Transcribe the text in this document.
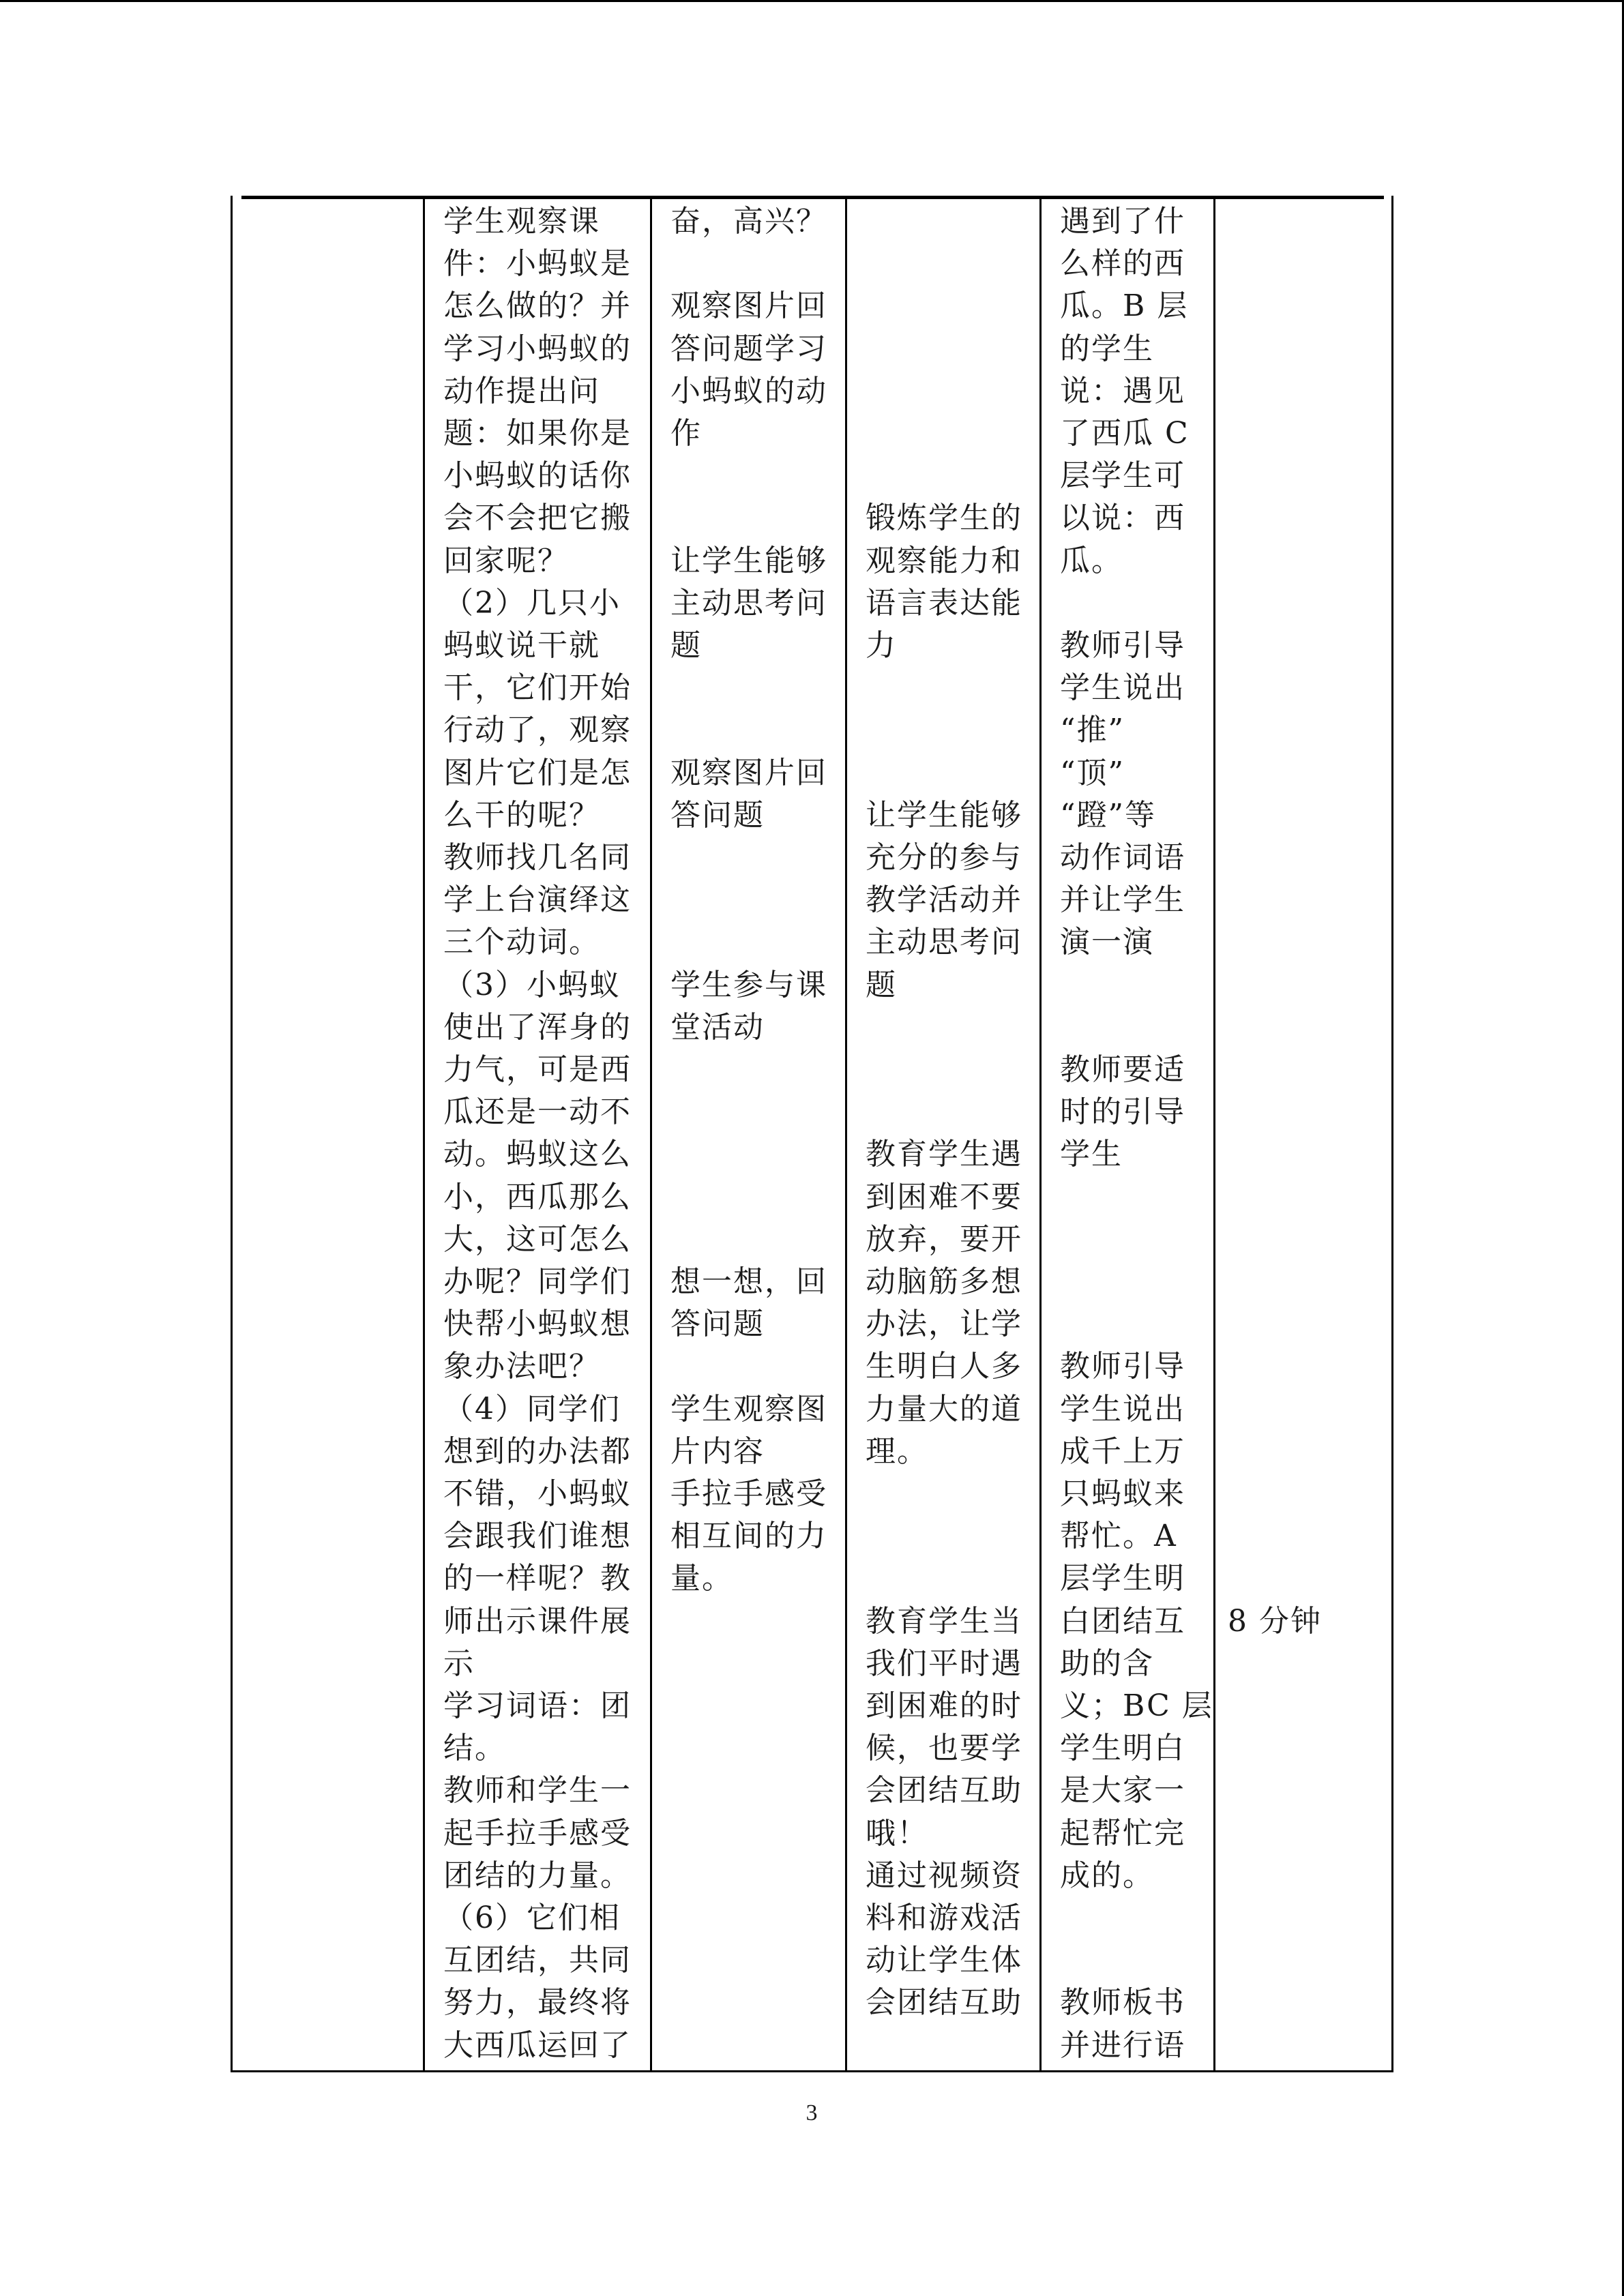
学生观察课

件：小蚂蚁是

怎么做的？并

学习小蚂蚁的

动作提出问

题：如果你是

小蚂蚁的话你

会不会把它搬

回家呢？

（2）几只小

蚂蚁说干就

干，它们开始

行动了，观察

图片它们是怎

么干的呢？

教师找几名同

学上台演绎这

三个动词。

（3）小蚂蚁

使出了浑身的

力气，可是西

瓜还是一动不

动。蚂蚁这么

小，西瓜那么

大，这可怎么

办呢？同学们

快帮小蚂蚁想

象办法吧？

（4）同学们

想到的办法都

不错，小蚂蚁

会跟我们谁想

的一样呢？教

师出示课件展

示

学习词语：团

结。

教师和学生一

起手拉手感受

团结的力量。

（6）它们相

互团结，共同

努力，最终将

大西瓜运回了

奋，高兴？

观察图片回

答问题学习

小蚂蚁的动

作

让学生能够

主动思考问

题

观察图片回

答问题

学生参与课

堂活动

想一想，回

答问题

学生观察图

片内容

手拉手感受

相互间的力

量。

锻炼学生的

观察能力和

语言表达能

力

让学生能够

充分的参与

教学活动并

主动思考问

题

教育学生遇

到困难不要

放弃，要开

动脑筋多想

办法，让学

生明白人多

力量大的道

理。

教育学生当

我们平时遇

到困难的时

候，也要学

会团结互助

哦！

通过视频资

料和游戏活

动让学生体

会团结互助

遇到了什

么样的西

瓜。B 层

的学生

说：遇见

了西瓜 C

层学生可

以说：西

瓜。

教师引导

学生说出

“推”

“顶”

“蹬”等

动作词语

并让学生

演一演

教师要适

时的引导

学生

教师引导

学生说出

成千上万

只蚂蚁来

帮忙。A

层学生明

白团结互

助的含

义；BC 层

学生明白

是大家一

起帮忙完

成的。

教师板书

并进行语

8 分钟

3
